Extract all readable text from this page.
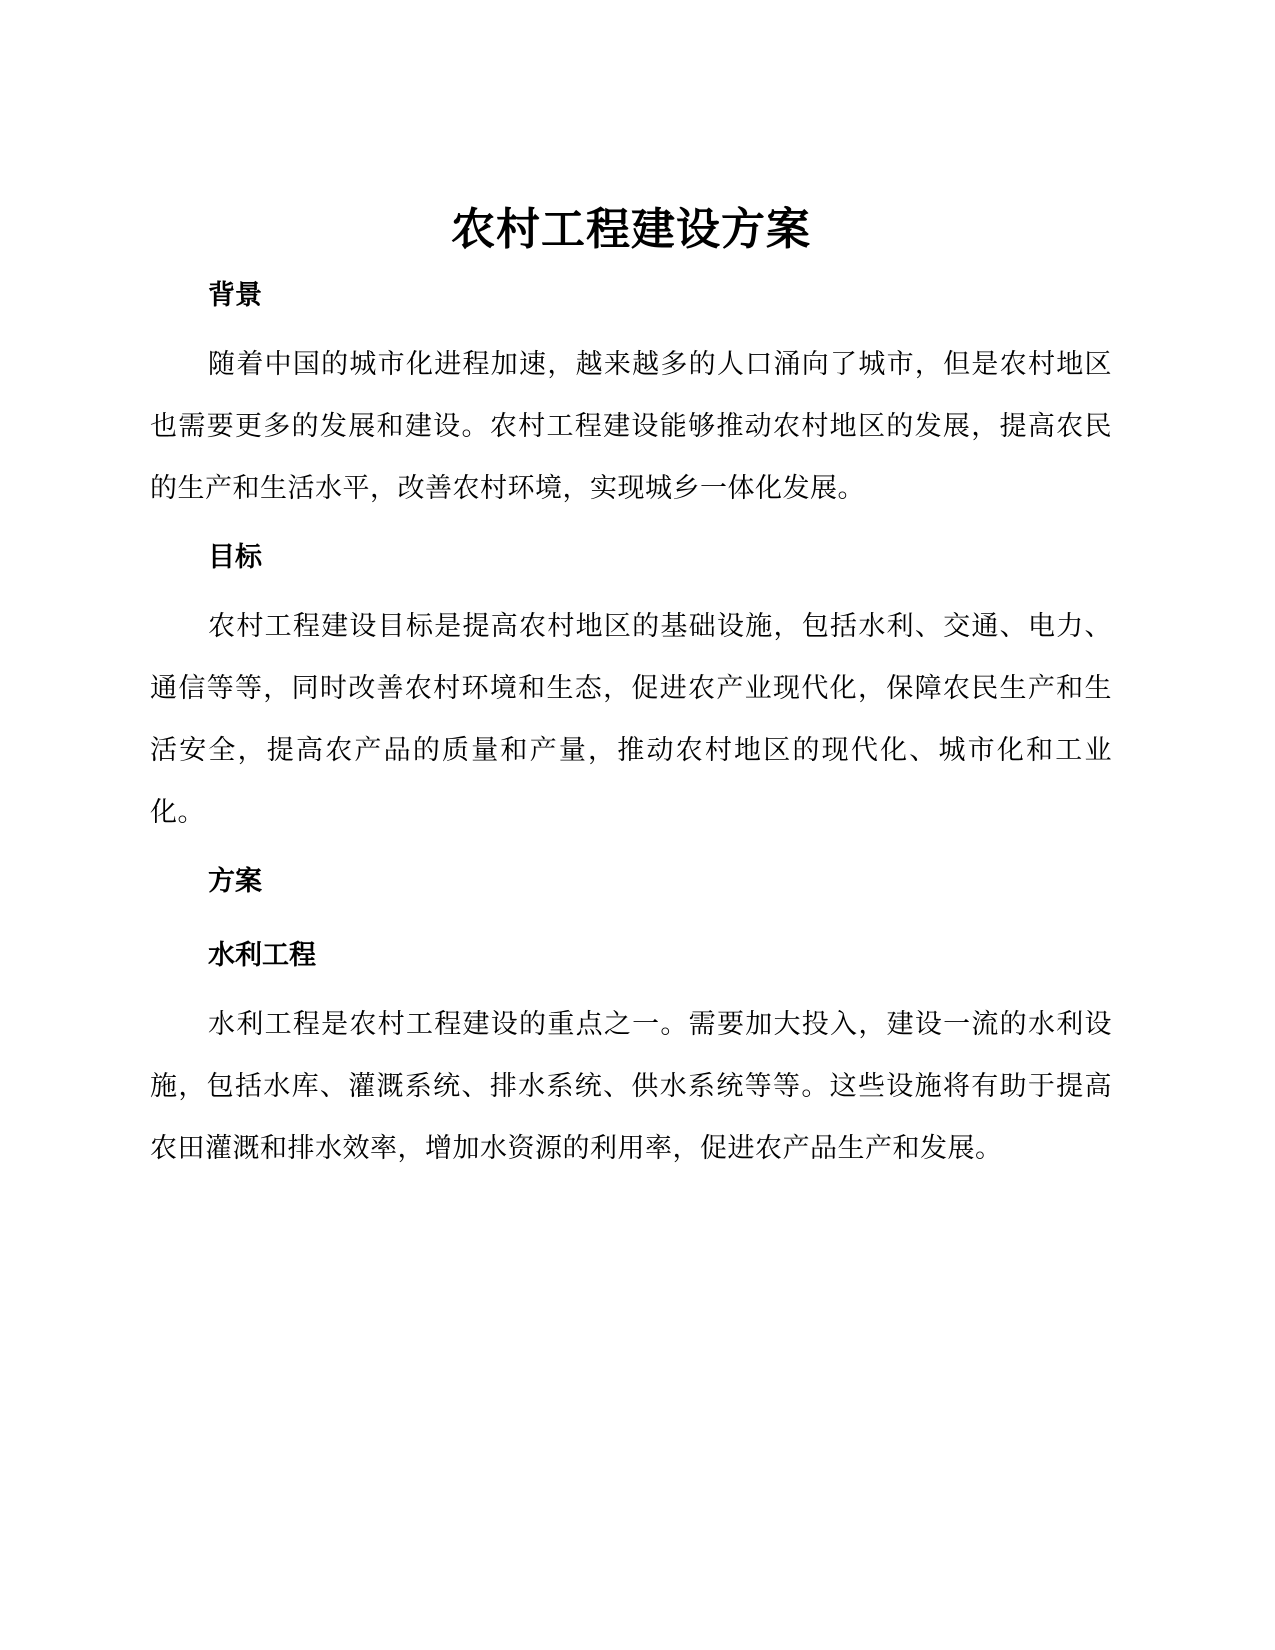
农村工程建设方案
背景

随着中国的城市化进程加速，越来越多的人口涌向了城市，但是农村地区也需要更多的发展和建设。农村工程建设能够推动农村地区的发展，提高农民的生产和生活水平，改善农村环境，实现城乡一体化发展。

目标

农村工程建设目标是提高农村地区的基础设施，包括水利、交通、电力、通信等等，同时改善农村环境和生态，促进农产业现代化，保障农民生产和生活安全，提高农产品的质量和产量，推动农村地区的现代化、城市化和工业化。

方案
水利工程

水利工程是农村工程建设的重点之一。需要加大投入，建设一流的水利设施，包括水库、灌溉系统、排水系统、供水系统等等。这些设施将有助于提高农田灌溉和排水效率，增加水资源的利用率，促进农产品生产和发展。
